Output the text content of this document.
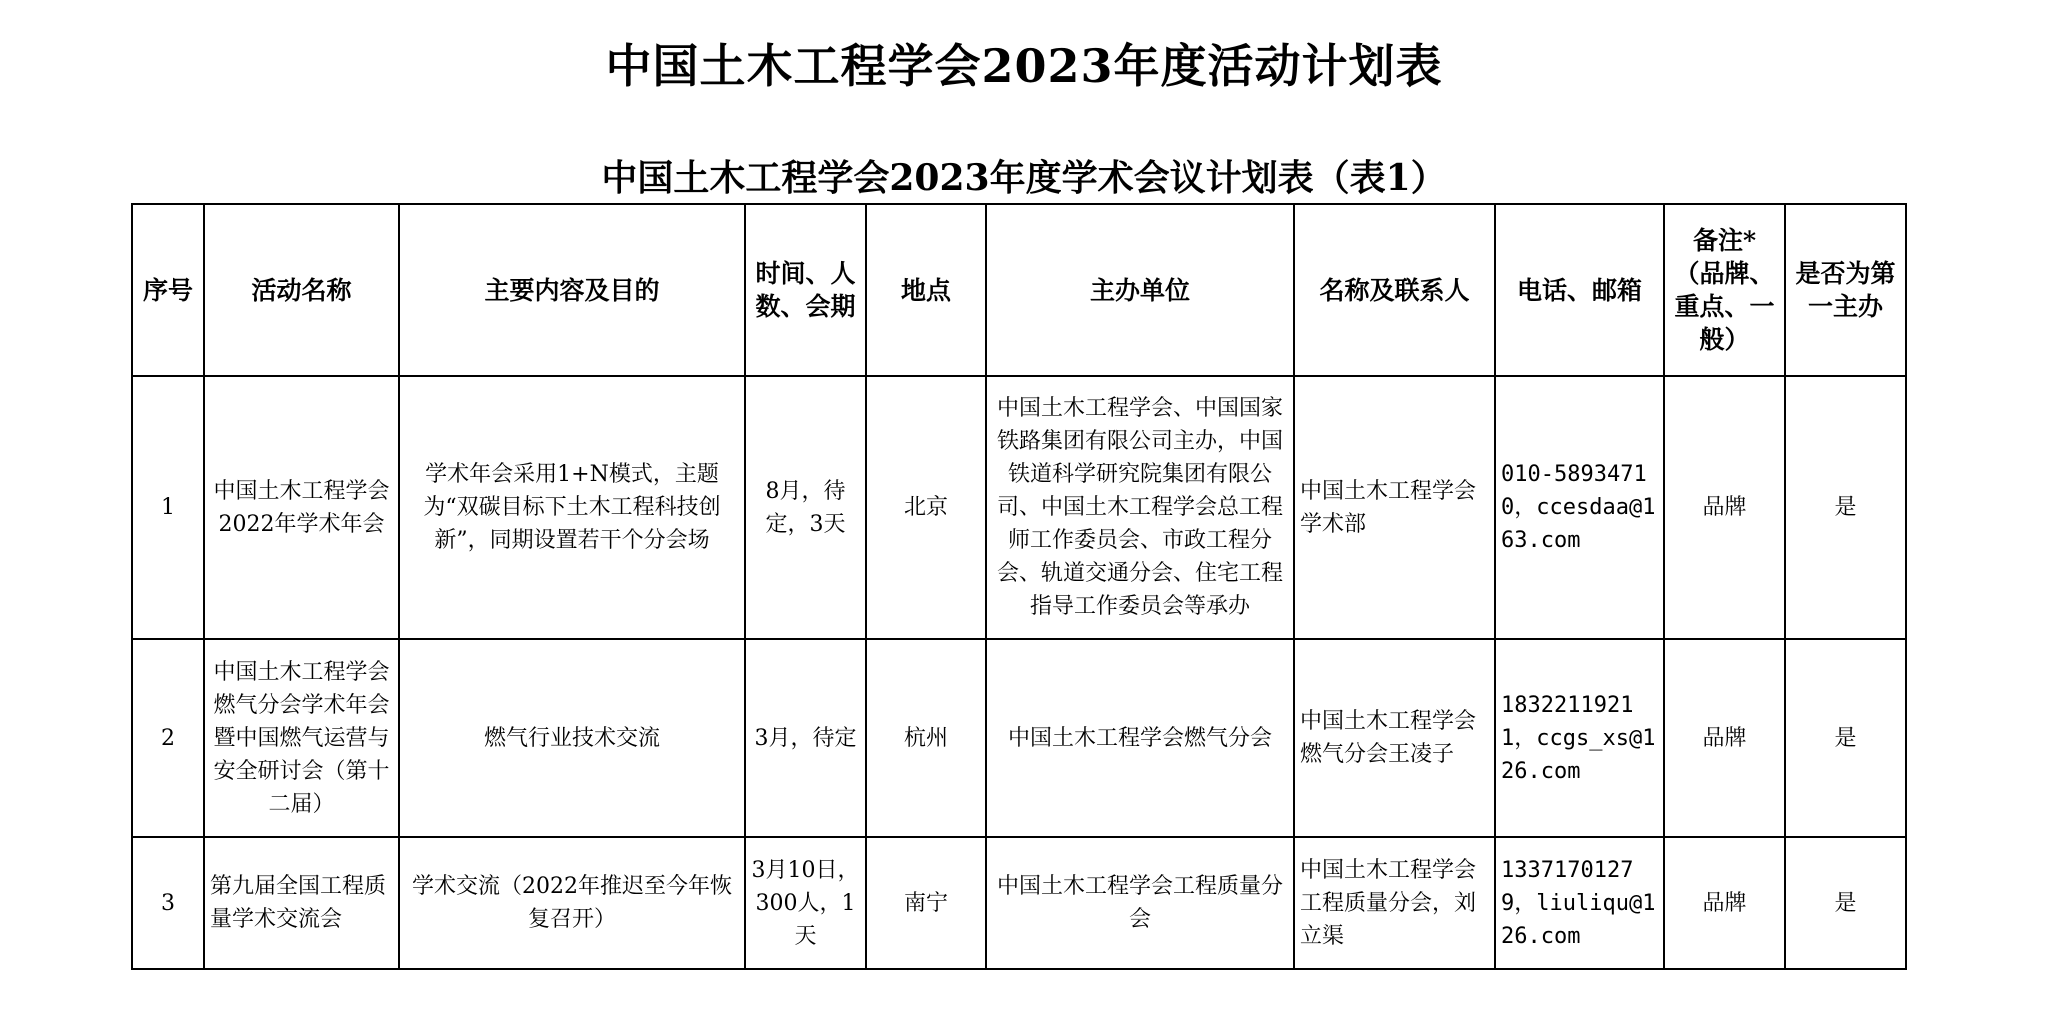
中国土木工程学会2023年度活动计划表
中国土木工程学会2023年度学术会议计划表（表1）
序号	活动名称	主要内容及目的	时间、人数、会期	地点	主办单位	名称及联系人	电话、邮箱	备注*（品牌、重点、一般）	是否为第一主办
1	中国土木工程学会2022年学术年会	学术年会采用1+N模式，主题为“双碳目标下土木工程科技创新”，同期设置若干个分会场	8月，待定，3天	北京	中国土木工程学会、中国国家铁路集团有限公司主办，中国铁道科学研究院集团有限公司、中国土木工程学会总工程师工作委员会、市政工程分会、轨道交通分会、住宅工程指导工作委员会等承办	中国土木工程学会学术部	010-58934710，ccesdaa@163.com	品牌	是
2	中国土木工程学会燃气分会学术年会暨中国燃气运营与安全研讨会（第十二届）	燃气行业技术交流	3月，待定	杭州	中国土木工程学会燃气分会	中国土木工程学会燃气分会王凌子	18322119211，ccgs_xs@126.com	品牌	是
3	第九届全国工程质量学术交流会	学术交流（2022年推迟至今年恢复召开）	3月10日，300人，1天	南宁	中国土木工程学会工程质量分会	中国土木工程学会工程质量分会，刘立渠	13371701279，liuliqu@126.com	品牌	是
